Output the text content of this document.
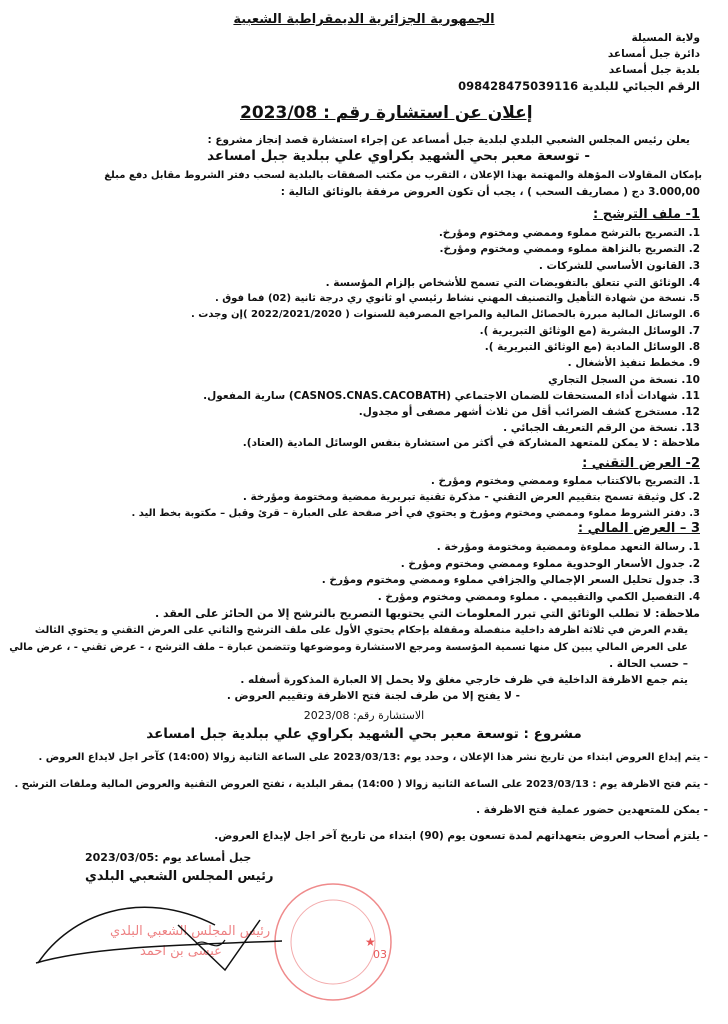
الجمهورية الجزائرية الديمقراطية الشعبية
ولاية المسيلة
دائرة جبل أمساعد
بلدية جبل أمساعد
الرقم الجبائي للبلدية 098428475039116
إعلان عن استشارة رقم : 2023/08
يعلن رئيس المجلس الشعبي البلدي لبلدية جبل أمساعد عن إجراء استشارة قصد إنجاز مشروع :
- توسعة معبر بحي الشهيد بكراوي علي ببلدية جبل امساعد
بإمكان المقاولات المؤهلة والمهتمة بهذا الإعلان ، التقرب من مكتب الصفقات بالبلدية لسحب دفتر الشروط مقابل دفع مبلغ
3.000,00 دج ( مصاريف السحب ) ، يجب أن تكون العروض مرفقة بالوثائق التالية :
1- ملف الترشح :
1. التصريح بالترشح مملوء وممضي ومختوم ومؤرخ.
2. التصريح بالنزاهة مملوء وممضي ومختوم ومؤرخ.
3. القانون الأساسي للشركات .
4. الوثائق التي تتعلق بالتفويضات التي تسمح للأشخاص بإلزام المؤسسة .
5. نسخة من شهادة التأهيل والتصنيف المهني نشاط رئيسي او ثانوي ري درجة ثانية (02) فما فوق .
6. الوسائل المالية مبررة بالحصائل المالية والمراجع المصرفية للسنوات ( 2022/2021/2020 )إن وجدت .
7. الوسائل البشرية (مع الوثائق التبريرية ).
8. الوسائل المادية (مع الوثائق التبريرية ).
9. مخطط تنفيذ الأشغال .
10. نسخة من السجل التجاري
11. شهادات أداء المستحقات للضمان الاجتماعي (CASNOS.CNAS.CACOBATH) سارية المفعول.
12. مستخرج كشف الضرائب أقل من ثلاث أشهر مصفى أو مجدول.
13. نسخة من الرقم التعريف الجبائي .
ملاحظة : لا يمكن للمتعهد المشاركة في أكثر من استشارة بنفس الوسائل المادية (العتاد).
2- العرض التقني :
1. التصريح بالاكتتاب مملوء وممضي ومختوم ومؤرخ .
2. كل وثيقة تسمح بتقييم العرض التقني - مذكرة تقنية تبريرية ممضية ومختومة ومؤرخة .
3. دفتر الشروط مملوء وممضي ومختوم ومؤرخ و يحتوي في أخر صفحة على العبارة – قرئ وقبل – مكتوبة بخط اليد .
3 – العرض المالي :
1. رسالة التعهد مملوءة وممضية ومختومة ومؤرخة .
2. جدول الأسعار الوحدوية مملوء وممضي ومختوم ومؤرخ .
3. جدول تحليل السعر الإجمالي والجزافي مملوء وممضي ومختوم ومؤرخ .
4. التفصيل الكمي والتقييمي . مملوء وممضي ومختوم ومؤرخ .
ملاحظة: لا تطلب الوثائق التي تبرر المعلومات التي يحتويها التصريح بالترشح إلا من الحائز على العقد .
يقدم العرض في ثلاثة اظرفة داخلية منفصلة ومقفلة بإحكام يحتوي الأول على ملف الترشح والثاني على العرض التقني و يحتوي الثالث
على العرض المالي يبين كل منها تسمية المؤسسة ومرجع الاستشارة وموضوعها وتتضمن عبارة – ملف الترشح ، - عرض تقني - ، عرض مالي
– حسب الحالة .
يتم جمع الاظرفة الداخلية في ظرف خارجي مغلق ولا يحمل إلا العبارة المذكورة أسفله .
- لا يفتح إلا من طرف لجنة فتح الاظرفة وتقييم العروض .
الاستشارة رقم: 2023/08
مشروع : توسعة معبر بحي الشهيد بكراوي علي ببلدية جبل امساعد
- يتم إيداع العروض ابتداء من تاريخ نشر هذا الإعلان ، وحدد يوم :2023/03/13 على الساعة الثانية زوالا (14:00) كآخر اجل لايداع العروض .
- يتم فتح الاظرفة يوم : 2023/03/13 على الساعة الثانية زوالا ( 14:00) بمقر البلدية ، تفتح العروض التقنية والعروض المالية وملفات الترشح .
- يمكن للمتعهدين حضور عملية فتح الاظرفة .
- يلتزم أصحاب العروض بتعهداتهم لمدة تسعون يوم (90) ابتداء من تاريخ آخر اجل لإيداع العروض.
جبل أمساعد يوم :2023/03/05
رئيس المجلس الشعبي البلدي
03
★
رئيس المجلس الشعبي البلدي
عيسى بن احمد
